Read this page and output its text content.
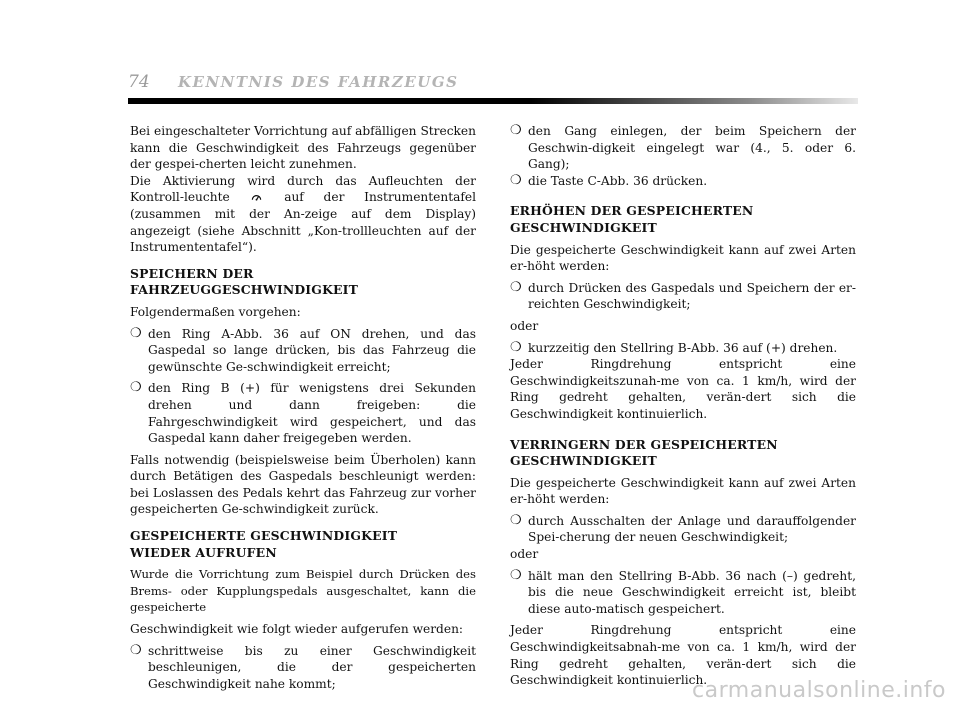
74 KENNTNIS DES FAHRZEUGS

Bei eingeschalteter Vorrichtung auf abfälligen Strecken kann die Geschwindigkeit des Fahrzeugs gegenüber der gespei-cherten leicht zunehmen.

Die Aktivierung wird durch das Aufleuchten der Kontroll-leuchte	auf der Instrumententafel (zusammen mit der An-zeige auf dem Display) angezeigt (siehe Abschnitt „Kon-trollleuchten auf der Instrumententafel“).

SPEICHERN DER FAHRZEUGGESCHWINDIGKEIT

Folgendermaßen vorgehen:

❍ den Ring A-Abb. 36 auf ON drehen, und das Gaspedal so lange drücken, bis das Fahrzeug die gewünschte Ge-schwindigkeit erreicht;
❍ den Ring B (+) für wenigstens drei Sekunden drehen und dann freigeben: die Fahrgeschwindigkeit wird gespeichert, und das Gaspedal kann daher freigegeben werden.

Falls notwendig (beispielsweise beim Überholen) kann durch Betätigen des Gaspedals beschleunigt werden: bei Loslassen des Pedals kehrt das Fahrzeug zur vorher gespeicherten Ge-schwindigkeit zurück.

GESPEICHERTE GESCHWINDIGKEIT

WIEDER AUFRUFEN

Wurde die Vorrichtung zum Beispiel durch Drücken des Brems- oder Kupplungspedals ausgeschaltet, kann die gespeicherte

Geschwindigkeit wie folgt wieder aufgerufen werden:

❍ schrittweise bis zu einer Geschwindigkeit beschleunigen, die der gespeicherten Geschwindigkeit nahe kommt;
❍ den Gang einlegen, der beim Speichern der Geschwin-digkeit eingelegt war (4., 5. oder 6. Gang);
❍ die Taste C-Abb. 36 drücken.

ERHÖHEN DER GESPEICHERTEN

GESCHWINDIGKEIT

Die gespeicherte Geschwindigkeit kann auf zwei Arten er-höht werden:

❍ durch Drücken des Gaspedals und Speichern der er-reichten Geschwindigkeit;

oder

❍ kurzzeitig den Stellring B-Abb. 36 auf (+) drehen.

Jeder Ringdrehung entspricht eine Geschwindigkeitszunah-me von ca. 1 km/h, wird der Ring gedreht gehalten, verän-dert sich die Geschwindigkeit kontinuierlich.

VERRINGERN DER GESPEICHERTEN

GESCHWINDIGKEIT

Die gespeicherte Geschwindigkeit kann auf zwei Arten er-höht werden:

❍ durch Ausschalten der Anlage und darauffolgender Spei-cherung der neuen Geschwindigkeit;

oder

❍ hält man den Stellring B-Abb. 36 nach (–) gedreht, bis die neue Geschwindigkeit erreicht ist, bleibt diese auto-matisch gespeichert.

Jeder Ringdrehung entspricht eine Geschwindigkeitsabnah-me von ca. 1 km/h, wird der Ring gedreht gehalten, verän-dert sich die Geschwindigkeit kontinuierlich.

carmanualsonline.info
